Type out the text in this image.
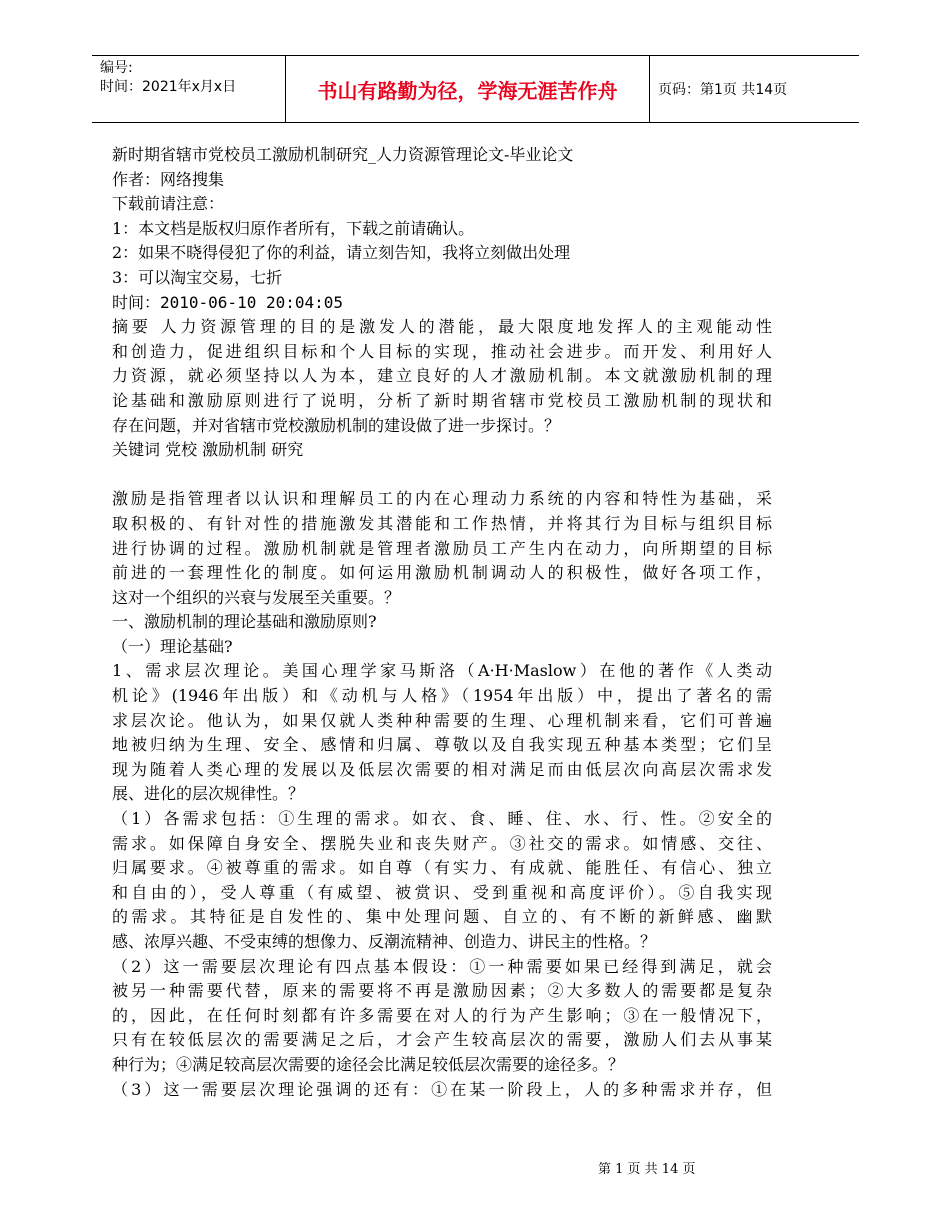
编号:
时间：2021年x月x日	书山有路勤为径，学海无涯苦作舟	页码：第1页 共14页
新时期省辖市党校员工激励机制研究_人力资源管理论文-毕业论文
作者：网络搜集
下载前请注意：
1：本文档是版权归原作者所有，下载之前请确认。
2：如果不晓得侵犯了你的利益，请立刻告知，我将立刻做出处理
3：可以淘宝交易，七折
时间：2010-06-10 20:04:05
摘要 人力资源管理的目的是激发人的潜能，最大限度地发挥人的主观能动性
和创造力，促进组织目标和个人目标的实现，推动社会进步。而开发、利用好人
力资源，就必须坚持以人为本，建立良好的人才激励机制。本文就激励机制的理
论基础和激励原则进行了说明，分析了新时期省辖市党校员工激励机制的现状和
存在问题，并对省辖市党校激励机制的建设做了进一步探讨。？
关键词 党校 激励机制 研究
激励是指管理者以认识和理解员工的内在心理动力系统的内容和特性为基础，采
取积极的、有针对性的措施激发其潜能和工作热情，并将其行为目标与组织目标
进行协调的过程。激励机制就是管理者激励员工产生内在动力，向所期望的目标
前进的一套理性化的制度。如何运用激励机制调动人的积极性，做好各项工作，
这对一个组织的兴衰与发展至关重要。？
一、激励机制的理论基础和激励原则?
（一）理论基础?
1、需求层次理论。美国心理学家马斯洛（A·H·Maslow）在他的著作《人类动
机论》(1946年出版）和《动机与人格》（1954年出版）中，提出了著名的需
求层次论。他认为，如果仅就人类种种需要的生理、心理机制来看，它们可普遍
地被归纳为生理、安全、感情和归属、尊敬以及自我实现五种基本类型；它们呈
现为随着人类心理的发展以及低层次需要的相对满足而由低层次向高层次需求发
展、进化的层次规律性。？
（1）各需求包括：①生理的需求。如衣、食、睡、住、水、行、性。②安全的
需求。如保障自身安全、摆脱失业和丧失财产。③社交的需求。如情感、交往、
归属要求。④被尊重的需求。如自尊（有实力、有成就、能胜任、有信心、独立
和自由的），受人尊重（有威望、被赏识、受到重视和高度评价）。⑤自我实现
的需求。其特征是自发性的、集中处理问题、自立的、有不断的新鲜感、幽默
感、浓厚兴趣、不受束缚的想像力、反潮流精神、创造力、讲民主的性格。？
（2）这一需要层次理论有四点基本假设：①一种需要如果已经得到满足，就会
被另一种需要代替，原来的需要将不再是激励因素；②大多数人的需要都是复杂
的，因此，在任何时刻都有许多需要在对人的行为产生影响；③在一般情况下，
只有在较低层次的需要满足之后，才会产生较高层次的需要，激励人们去从事某
种行为；④满足较高层次需要的途径会比满足较低层次需要的途径多。？
（3）这一需要层次理论强调的还有：①在某一阶段上，人的多种需求并存，但
第 1 页 共 14 页
